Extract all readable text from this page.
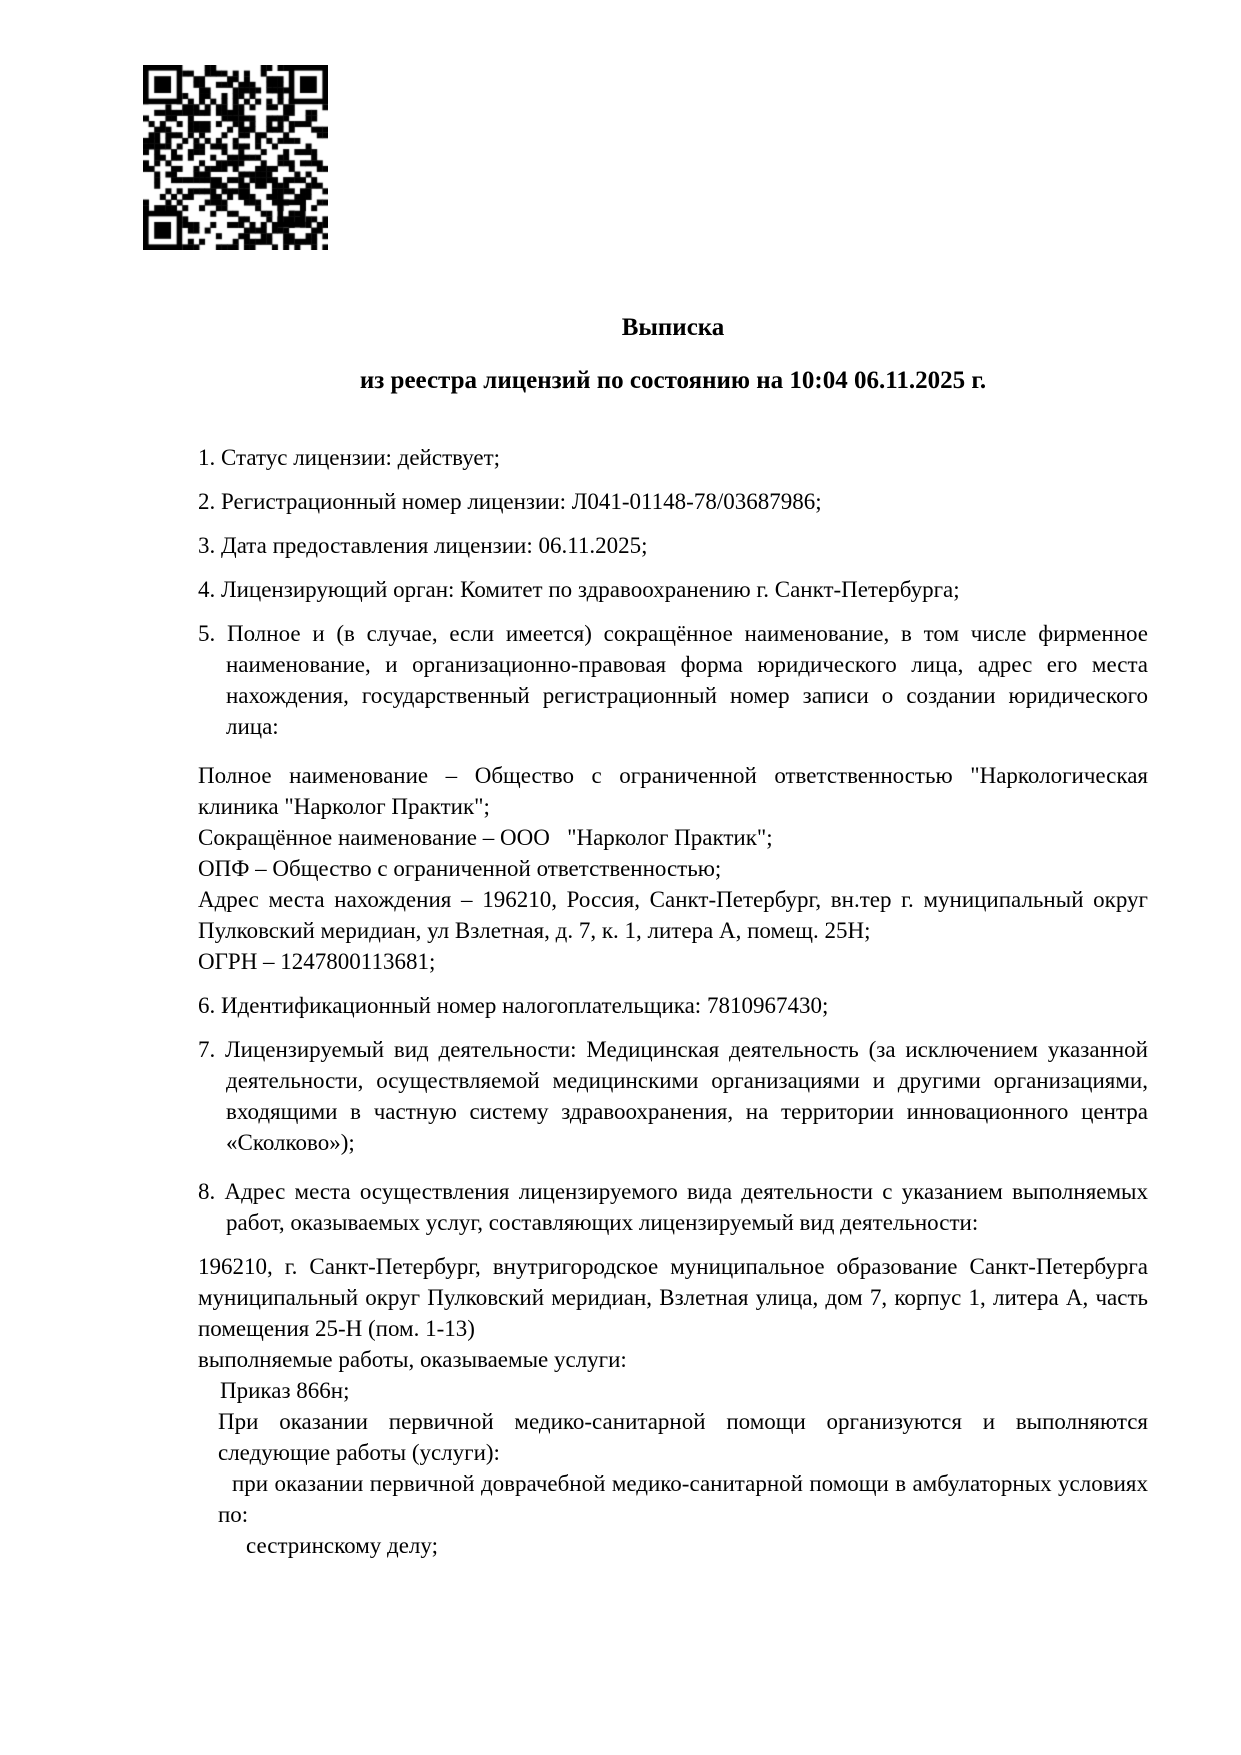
Выписка
из реестра лицензий по состоянию на 10:04 06.11.2025 г.
1. Статус лицензии: действует;
2. Регистрационный номер лицензии: Л041-01148-78/03687986;
3. Дата предоставления лицензии: 06.11.2025;
4. Лицензирующий орган: Комитет по здравоохранению г. Санкт-Петербурга;
5. Полное и (в случае, если имеется) сокращённое наименование, в том числе фирменное наименование, и организационно-правовая форма юридического лица, адрес его места нахождения, государственный регистрационный номер записи о создании юридического лица:
Полное наименование – Общество с ограниченной ответственностью "Наркологическая клиника "Нарколог Практик";
Сокращённое наименование – ООО   "Нарколог Практик";
ОПФ – Общество с ограниченной ответственностью;
Адрес места нахождения – 196210, Россия, Санкт-Петербург, вн.тер г. муниципальный округ Пулковский меридиан, ул Взлетная, д. 7, к. 1, литера А, помещ. 25Н;
ОГРН – 1247800113681;
6. Идентификационный номер налогоплательщика: 7810967430;
7. Лицензируемый вид деятельности: Медицинская деятельность (за исключением указанной деятельности, осуществляемой медицинскими организациями и другими организациями, входящими в частную систему здравоохранения, на территории инновационного центра «Сколково»);
8. Адрес места осуществления лицензируемого вида деятельности с указанием выполняемых работ, оказываемых услуг, составляющих лицензируемый вид деятельности:
196210, г. Санкт-Петербург, внутригородское муниципальное образование Санкт-Петербурга муниципальный округ Пулковский меридиан, Взлетная улица, дом 7, корпус 1, литера А, часть помещения 25-Н (пом. 1-13)
выполняемые работы, оказываемые услуги:
Приказ 866н;
При оказании первичной медико-санитарной помощи организуются и выполняются следующие работы (услуги):
при оказании первичной доврачебной медико-санитарной помощи в амбулаторных условиях по:
сестринскому делу;
